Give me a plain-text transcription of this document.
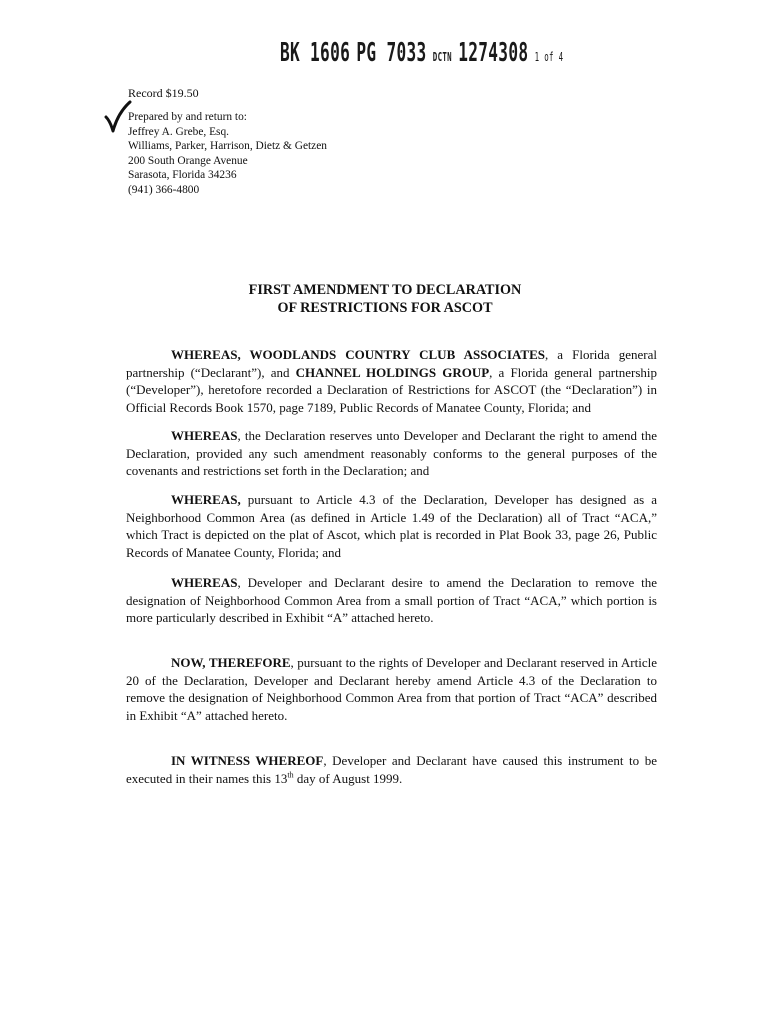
BK 1606 PG 7033 DCTN 1274308 1 of 4
Record $19.50
Prepared by and return to:
Jeffrey A. Grebe, Esq.
Williams, Parker, Harrison, Dietz & Getzen
200 South Orange Avenue
Sarasota, Florida 34236
(941) 366-4800
FIRST AMENDMENT TO DECLARATION
OF RESTRICTIONS FOR ASCOT
WHEREAS, WOODLANDS COUNTRY CLUB ASSOCIATES, a Florida general partnership (“Declarant”), and CHANNEL HOLDINGS GROUP, a Florida general partnership (“Developer”), heretofore recorded a Declaration of Restrictions for ASCOT (the “Declaration”) in Official Records Book 1570, page 7189, Public Records of Manatee County, Florida; and
WHEREAS, the Declaration reserves unto Developer and Declarant the right to amend the Declaration, provided any such amendment reasonably conforms to the general purposes of the covenants and restrictions set forth in the Declaration; and
WHEREAS, pursuant to Article 4.3 of the Declaration, Developer has designed as a Neighborhood Common Area (as defined in Article 1.49 of the Declaration) all of Tract “ACA,” which Tract is depicted on the plat of Ascot, which plat is recorded in Plat Book 33, page 26, Public Records of Manatee County, Florida; and
WHEREAS, Developer and Declarant desire to amend the Declaration to remove the designation of Neighborhood Common Area from a small portion of Tract “ACA,” which portion is more particularly described in Exhibit “A” attached hereto.
NOW, THEREFORE, pursuant to the rights of Developer and Declarant reserved in Article 20 of the Declaration, Developer and Declarant hereby amend Article 4.3 of the Declaration to remove the designation of Neighborhood Common Area from that portion of Tract “ACA” described in Exhibit “A” attached hereto.
IN WITNESS WHEREOF, Developer and Declarant have caused this instrument to be executed in their names this 13th day of August 1999.
